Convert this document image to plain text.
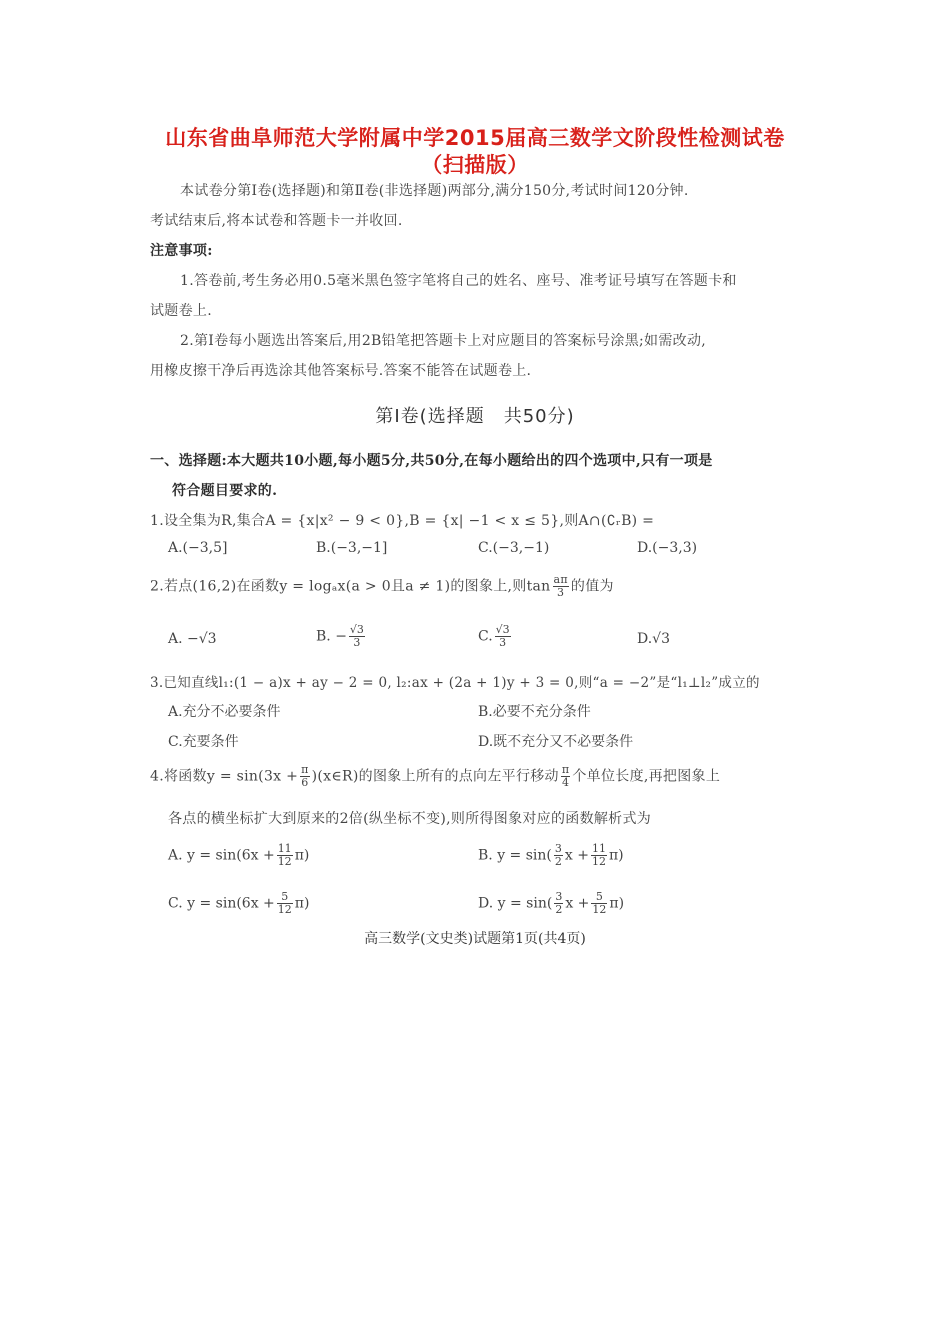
山东省曲阜师范大学附属中学2015届高三数学文阶段性检测试卷
（扫描版）
本试卷分第Ⅰ卷(选择题)和第Ⅱ卷(非选择题)两部分,满分150分,考试时间120分钟.
考试结束后,将本试卷和答题卡一并收回.
注意事项:
1.答卷前,考生务必用0.5毫米黑色签字笔将自己的姓名、座号、准考证号填写在答题卡和
试题卷上.
2.第Ⅰ卷每小题选出答案后,用2B铅笔把答题卡上对应题目的答案标号涂黑;如需改动,
用橡皮擦干净后再选涂其他答案标号.答案不能答在试题卷上.
第Ⅰ卷(选择题　共50分)
一、选择题:本大题共10小题,每小题5分,共50分,在每小题给出的四个选项中,只有一项是
符合题目要求的.
1.设全集为R,集合A = {x|x² − 9 < 0},B = {x| −1 < x ≤ 5},则A∩(∁ᵣB) =
A.(−3,5]	B.(−3,−1]	C.(−3,−1)	D.(−3,3)
2.若点(16,2)在函数y = logₐx(a > 0且a ≠ 1)的图象上,则$\tan \frac{a\pi}{3}$ 的值为
A. −√3	B. − $\frac{√3}{3}$	C. $\frac{√3}{3}$	D.√3
3.已知直线l₁:(1 − a)x + ay − 2 = 0, l₂:ax + (2a + 1)y + 3 = 0,则“a = −2”是“l₁⊥l₂”成立的
A.充分不必要条件	B.必要不充分条件
C.充要条件	D.既不充分又不必要条件
4.将函数$y = \sin(3x + \frac{\pi}{6}$ )(x∈R)的图象上所有的点向左平行移动 $\frac{\pi}{4}$ 个单位长度,再把图象上
各点的横坐标扩大到原来的2倍(纵坐标不变),则所得图象对应的函数解析式为
A. $y = \sin(6x + \frac{11}{12} \pi)$	B. $y = \sin( \frac{3}{2}$ $x + \frac{11}{12} \pi$)
C. $y = \sin(6x + \frac{5}{12} \pi)$	D. $y = \sin( \frac{3}{2}$ $x + \frac{5}{12} \pi$)
高三数学(文史类)试题第1页(共4页)
